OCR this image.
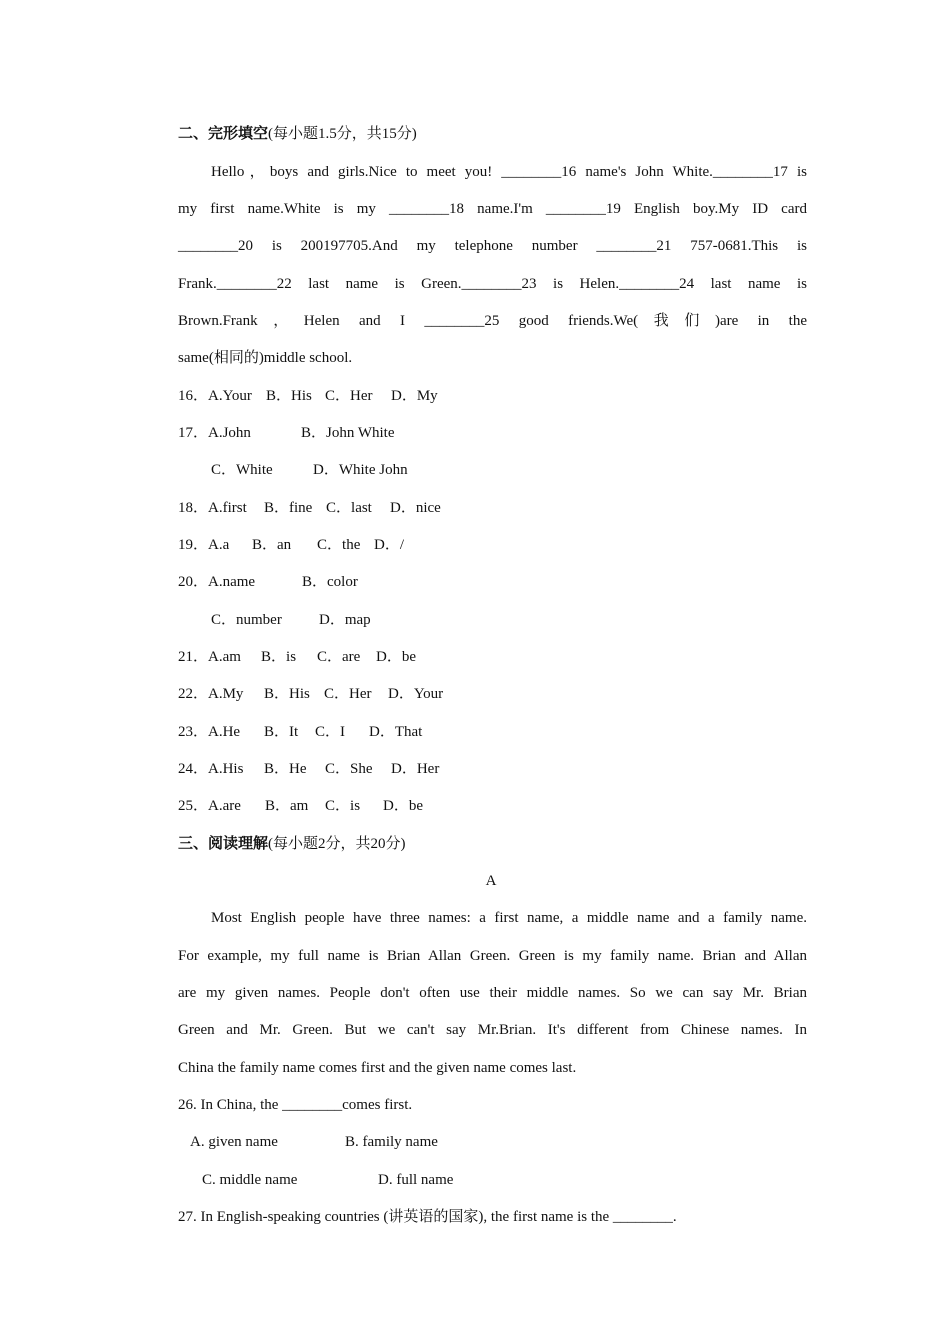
二、完形填空(每小题1.5分，共15分)
Hello，boys and girls.Nice to meet you! ________16 name's John White.________17 is
my first name.White is my ________18 name.I'm ________19 English boy.My ID card
________20 is 200197705.And my telephone number ________21 757-0681.This is
Frank.________22 last name is Green.________23 is Helen.________24 last name is
Brown.Frank，Helen and I ________25 good friends.We(我们)are in the
same(相同的)middle school.
16．A.Your B．His C．Her D．My
17．A.John	B．John White
C．White	D．White John
18．A.first B．fine C．last D．nice
19．A.a B．an C．the D．/
20．A.name	B．color
C．number D．map
21．A.am B．is C．are D．be
22．A.My B．His C．Her D．Your
23．A.He B．It C．I D．That
24．A.His B．He C．She D．Her
25．A.are B．am C．is D．be
三、阅读理解(每小题2分，共20分)
A
Most English people have three names: a first name, a middle name and a family name.
For example, my full name is Brian Allan Green. Green is my family name. Brian and Allan
are my given names. People don't often use their middle names. So we can say Mr. Brian
Green and Mr. Green. But we can't say Mr.Brian. It's different from Chinese names. In
China the family name comes first and the given name comes last.
26. In China, the ________comes first.
A. given name	B. family name
C. middle name	D. full name
27. In English-speaking countries (讲英语的国家), the first name is the ________.
